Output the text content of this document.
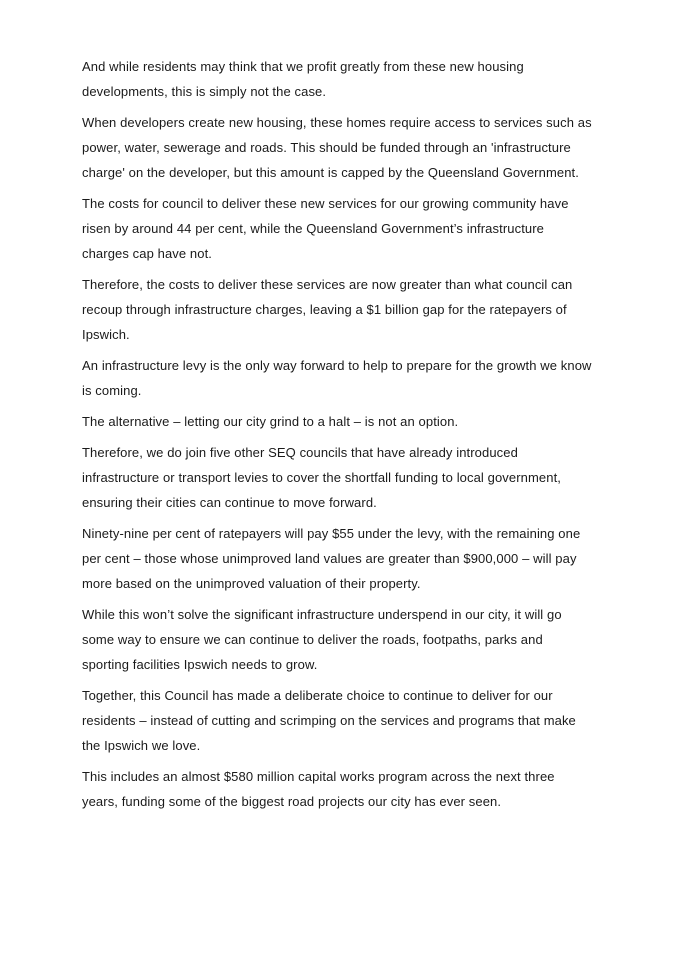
And while residents may think that we profit greatly from these new housing developments, this is simply not the case.

When developers create new housing, these homes require access to services such as power, water, sewerage and roads. This should be funded through an 'infrastructure charge' on the developer, but this amount is capped by the Queensland Government.

The costs for council to deliver these new services for our growing community have risen by around 44 per cent, while the Queensland Government’s infrastructure charges cap have not.

Therefore, the costs to deliver these services are now greater than what council can recoup through infrastructure charges, leaving a $1 billion gap for the ratepayers of Ipswich.

An infrastructure levy is the only way forward to help to prepare for the growth we know is coming.

The alternative – letting our city grind to a halt – is not an option.

Therefore, we do join five other SEQ councils that have already introduced infrastructure or transport levies to cover the shortfall funding to local government, ensuring their cities can continue to move forward.

Ninety-nine per cent of ratepayers will pay $55 under the levy, with the remaining one per cent – those whose unimproved land values are greater than $900,000 – will pay more based on the unimproved valuation of their property.

While this won’t solve the significant infrastructure underspend in our city, it will go some way to ensure we can continue to deliver the roads, footpaths, parks and sporting facilities Ipswich needs to grow.

Together, this Council has made a deliberate choice to continue to deliver for our residents – instead of cutting and scrimping on the services and programs that make the Ipswich we love.

This includes an almost $580 million capital works program across the next three years, funding some of the biggest road projects our city has ever seen.
